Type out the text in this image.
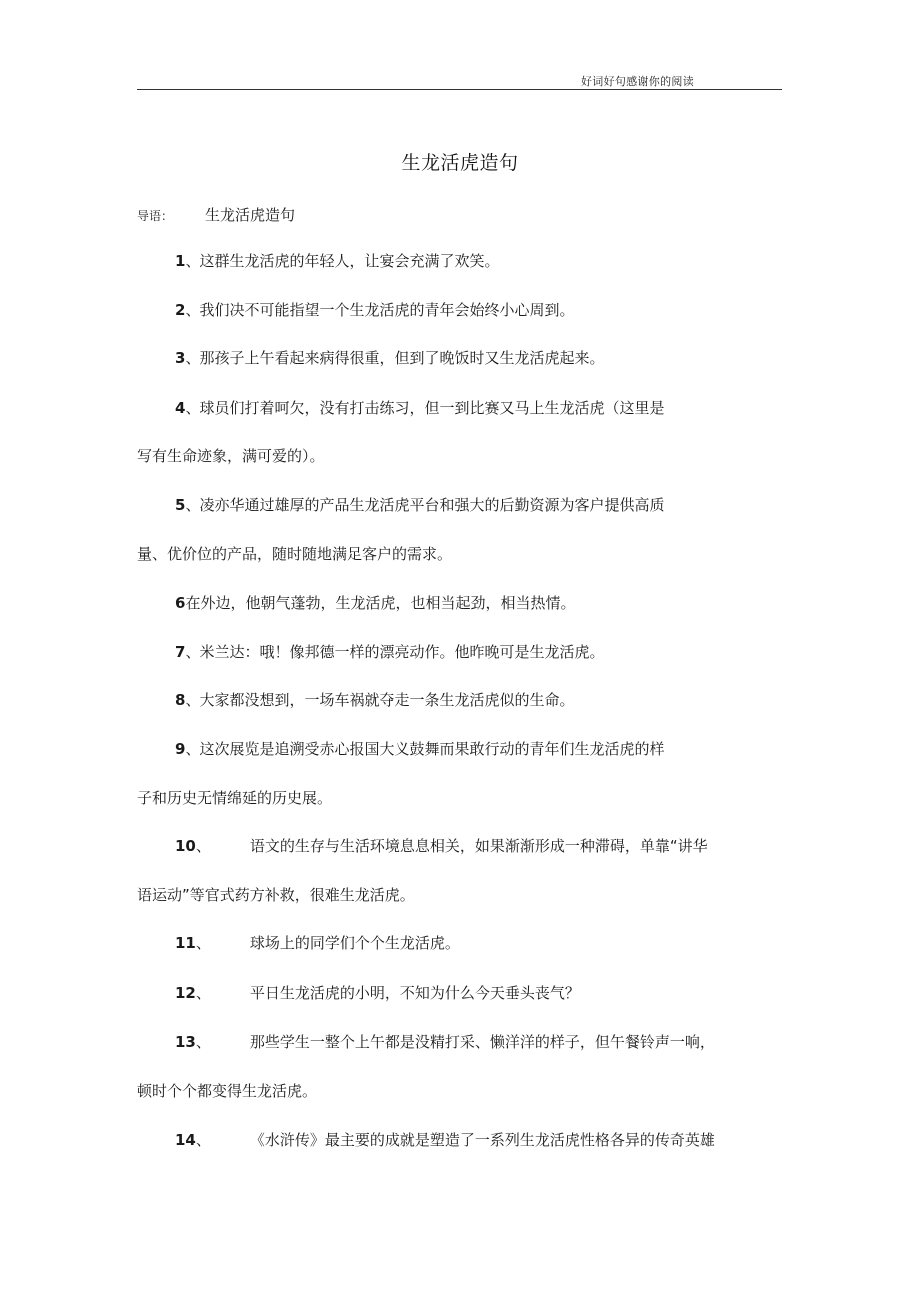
好词好句感谢你的阅读
生龙活虎造句
导语： 生龙活虎造句
1、这群生龙活虎的年轻人，让宴会充满了欢笑。
2、我们决不可能指望一个生龙活虎的青年会始终小心周到。
3、那孩子上午看起来病得很重，但到了晚饭时又生龙活虎起来。
4、球员们打着呵欠，没有打击练习，但一到比赛又马上生龙活虎（这里是
写有生命迹象，满可爱的）。
5、凌亦华通过雄厚的产品生龙活虎平台和强大的后勤资源为客户提供高质
量、优价位的产品，随时随地满足客户的需求。
6在外边，他朝气蓬勃，生龙活虎，也相当起劲，相当热情。
7、米兰达：哦！像邦德一样的漂亮动作。他昨晚可是生龙活虎。
8、大家都没想到，一场车祸就夺走一条生龙活虎似的生命。
9、这次展览是追溯受赤心报国大义鼓舞而果敢行动的青年们生龙活虎的样
子和历史无情绵延的历史展。
10、	语文的生存与生活环境息息相关，如果渐渐形成一种滞碍，单靠“讲华
语运动”等官式药方补救，很难生龙活虎。
11、	球场上的同学们个个生龙活虎。
12、	平日生龙活虎的小明，不知为什么今天垂头丧气？
13、	那些学生一整个上午都是没精打采、懒洋洋的样子，但午餐铃声一响，
顿时个个都变得生龙活虎。
14、	《水浒传》最主要的成就是塑造了一系列生龙活虎性格各异的传奇英雄
